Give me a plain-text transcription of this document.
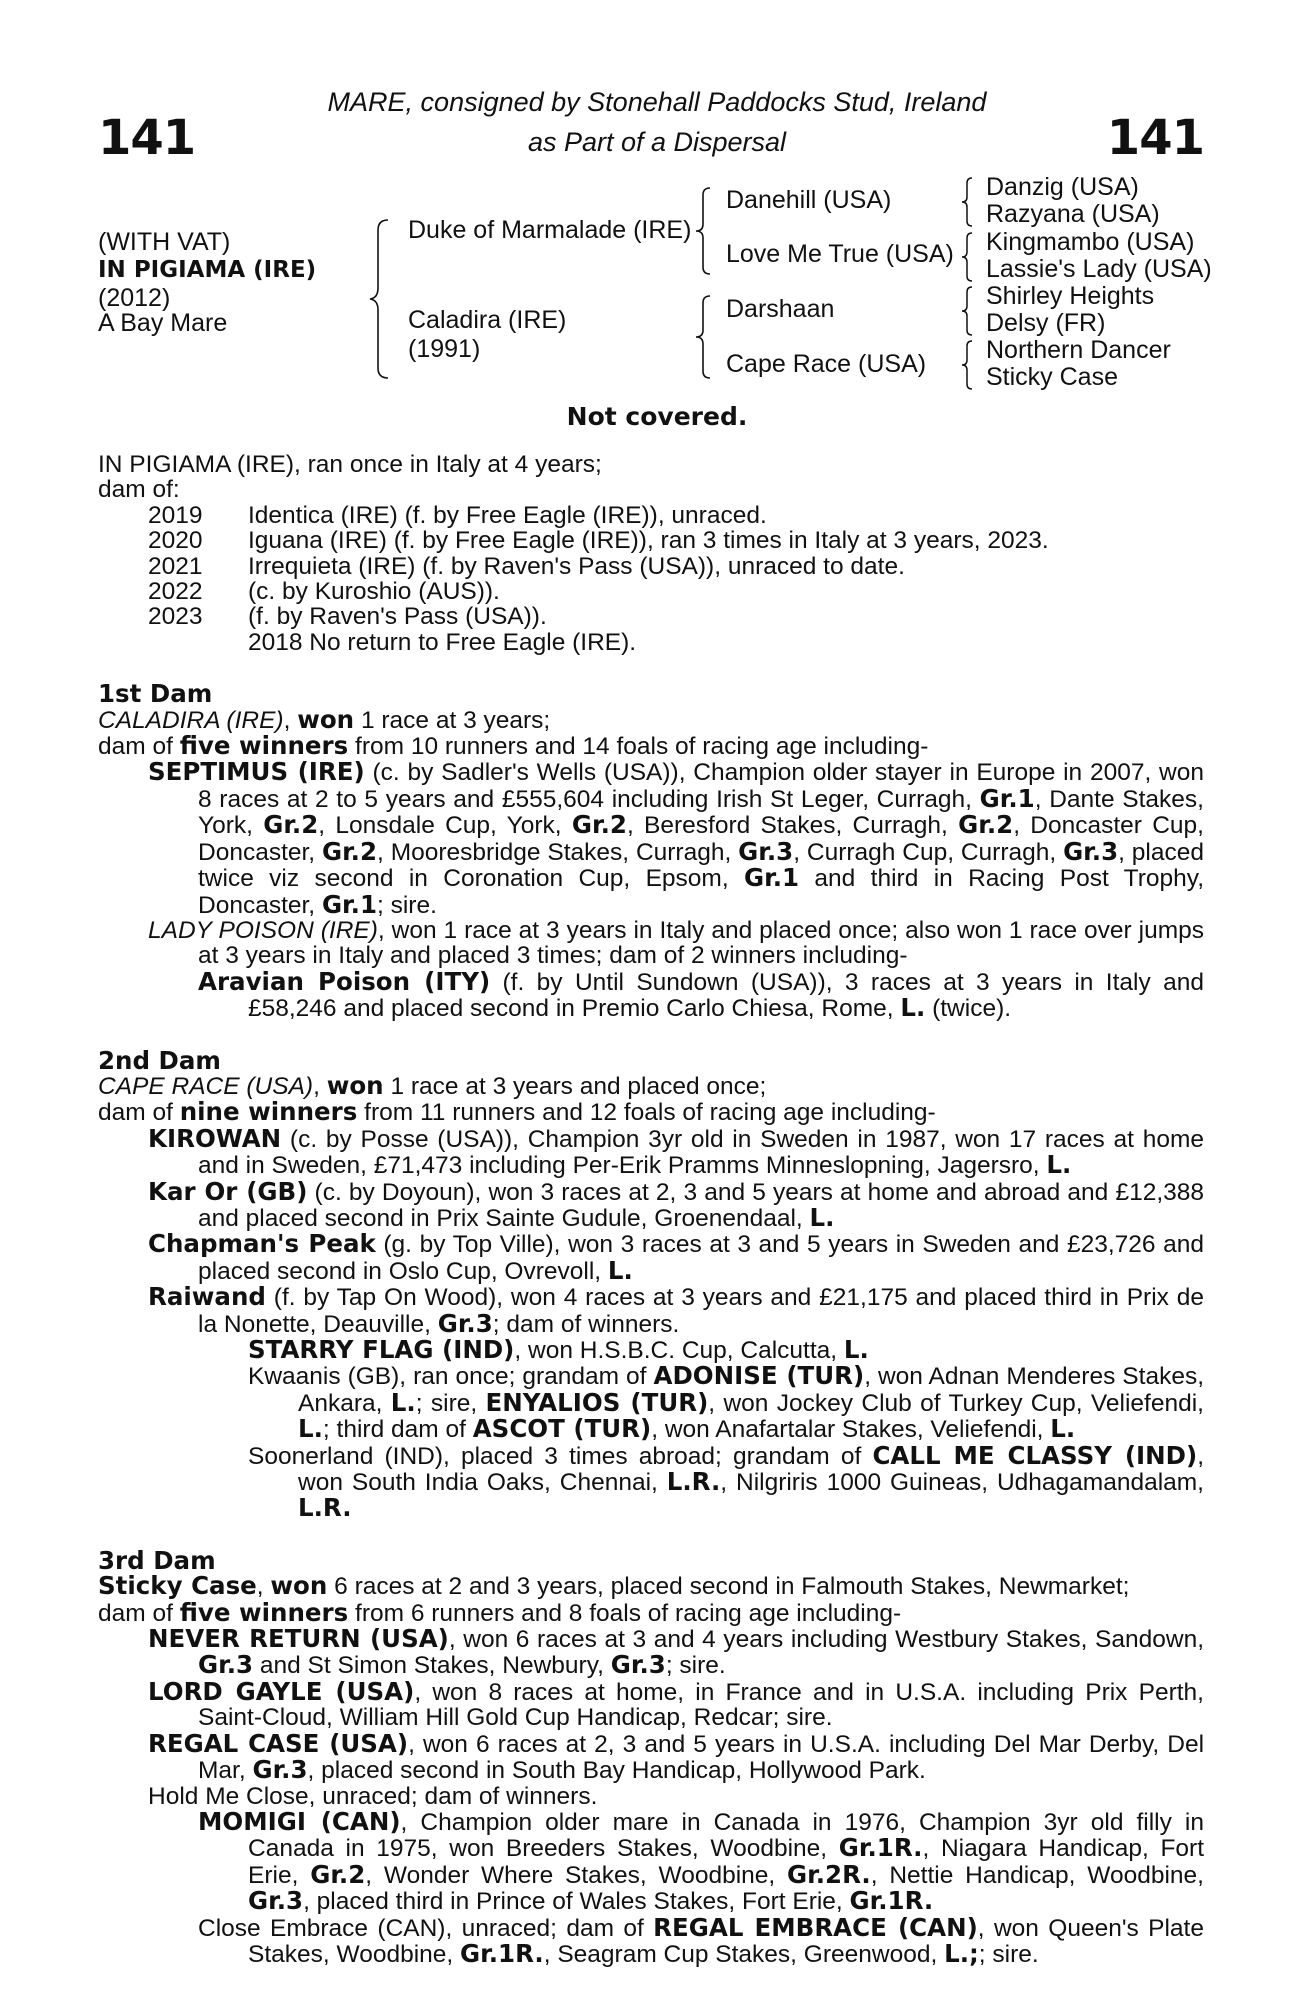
141	141
MARE, consigned by Stonehall Paddocks Stud, Ireland
as Part of a Dispersal
(WITH VAT)
IN PIGIAMA (IRE)
(2012)
A Bay Mare
Duke of Marmalade (IRE)
Caladira (IRE)
(1991)
Danehill (USA)
Love Me True (USA)
Darshaan
Cape Race (USA)
Danzig (USA)
Razyana (USA)
Kingmambo (USA)
Lassie's Lady (USA)
Shirley Heights
Delsy (FR)
Northern Dancer
Sticky Case
Not covered.

IN PIGIAMA (IRE), ran once in Italy at 4 years;

dam of:

2019	Identica (IRE) (f. by Free Eagle (IRE)), unraced.
2020	Iguana (IRE) (f. by Free Eagle (IRE)), ran 3 times in Italy at 3 years, 2023.
2021	Irrequieta (IRE) (f. by Raven's Pass (USA)), unraced to date.
2022	(c. by Kuroshio (AUS)).
2023	(f. by Raven's Pass (USA)).
2018 No return to Free Eagle (IRE).

1st Dam

CALADIRA (IRE), won 1 race at 3 years;

dam of five winners from 10 runners and 14 foals of racing age including-

SEPTIMUS (IRE) (c. by Sadler's Wells (USA)), Champion older stayer in Europe in 2007, won 8 races at 2 to 5 years and £555,604 including Irish St Leger, Curragh, Gr.1, Dante Stakes, York, Gr.2, Lonsdale Cup, York, Gr.2, Beresford Stakes, Curragh, Gr.2, Doncaster Cup, Doncaster, Gr.2, Mooresbridge Stakes, Curragh, Gr.3, Curragh Cup, Curragh, Gr.3, placed twice viz second in Coronation Cup, Epsom, Gr.1 and third in Racing Post Trophy, Doncaster, Gr.1; sire.

LADY POISON (IRE), won 1 race at 3 years in Italy and placed once; also won 1 race over jumps at 3 years in Italy and placed 3 times; dam of 2 winners including-

Aravian Poison (ITY) (f. by Until Sundown (USA)), 3 races at 3 years in Italy and £58,246 and placed second in Premio Carlo Chiesa, Rome, L. (twice).

2nd Dam

CAPE RACE (USA), won 1 race at 3 years and placed once;

dam of nine winners from 11 runners and 12 foals of racing age including-

KIROWAN (c. by Posse (USA)), Champion 3yr old in Sweden in 1987, won 17 races at home and in Sweden, £71,473 including Per-Erik Pramms Minneslopning, Jagersro, L.

Kar Or (GB) (c. by Doyoun), won 3 races at 2, 3 and 5 years at home and abroad and £12,388 and placed second in Prix Sainte Gudule, Groenendaal, L.

Chapman's Peak (g. by Top Ville), won 3 races at 3 and 5 years in Sweden and £23,726 and placed second in Oslo Cup, Ovrevoll, L.

Raiwand (f. by Tap On Wood), won 4 races at 3 years and £21,175 and placed third in Prix de la Nonette, Deauville, Gr.3; dam of winners.

STARRY FLAG (IND), won H.S.B.C. Cup, Calcutta, L.

Kwaanis (GB), ran once; grandam of ADONISE (TUR), won Adnan Menderes Stakes, Ankara, L.; sire, ENYALIOS (TUR), won Jockey Club of Turkey Cup, Veliefendi, L.; third dam of ASCOT (TUR), won Anafartalar Stakes, Veliefendi, L.

Soonerland (IND), placed 3 times abroad; grandam of CALL ME CLASSY (IND), won South India Oaks, Chennai, L.R., Nilgriris 1000 Guineas, Udhagamandalam, L.R.

3rd Dam

Sticky Case, won 6 races at 2 and 3 years, placed second in Falmouth Stakes, Newmarket;

dam of five winners from 6 runners and 8 foals of racing age including-

NEVER RETURN (USA), won 6 races at 3 and 4 years including Westbury Stakes, Sandown, Gr.3 and St Simon Stakes, Newbury, Gr.3; sire.

LORD GAYLE (USA), won 8 races at home, in France and in U.S.A. including Prix Perth, Saint-Cloud, William Hill Gold Cup Handicap, Redcar; sire.

REGAL CASE (USA), won 6 races at 2, 3 and 5 years in U.S.A. including Del Mar Derby, Del Mar, Gr.3, placed second in South Bay Handicap, Hollywood Park.

Hold Me Close, unraced; dam of winners.

MOMIGI (CAN), Champion older mare in Canada in 1976, Champion 3yr old filly in Canada in 1975, won Breeders Stakes, Woodbine, Gr.1R., Niagara Handicap, Fort Erie, Gr.2, Wonder Where Stakes, Woodbine, Gr.2R., Nettie Handicap, Woodbine, Gr.3, placed third in Prince of Wales Stakes, Fort Erie, Gr.1R.

Close Embrace (CAN), unraced; dam of REGAL EMBRACE (CAN), won Queen's Plate Stakes, Woodbine, Gr.1R., Seagram Cup Stakes, Greenwood, L.;; sire.
